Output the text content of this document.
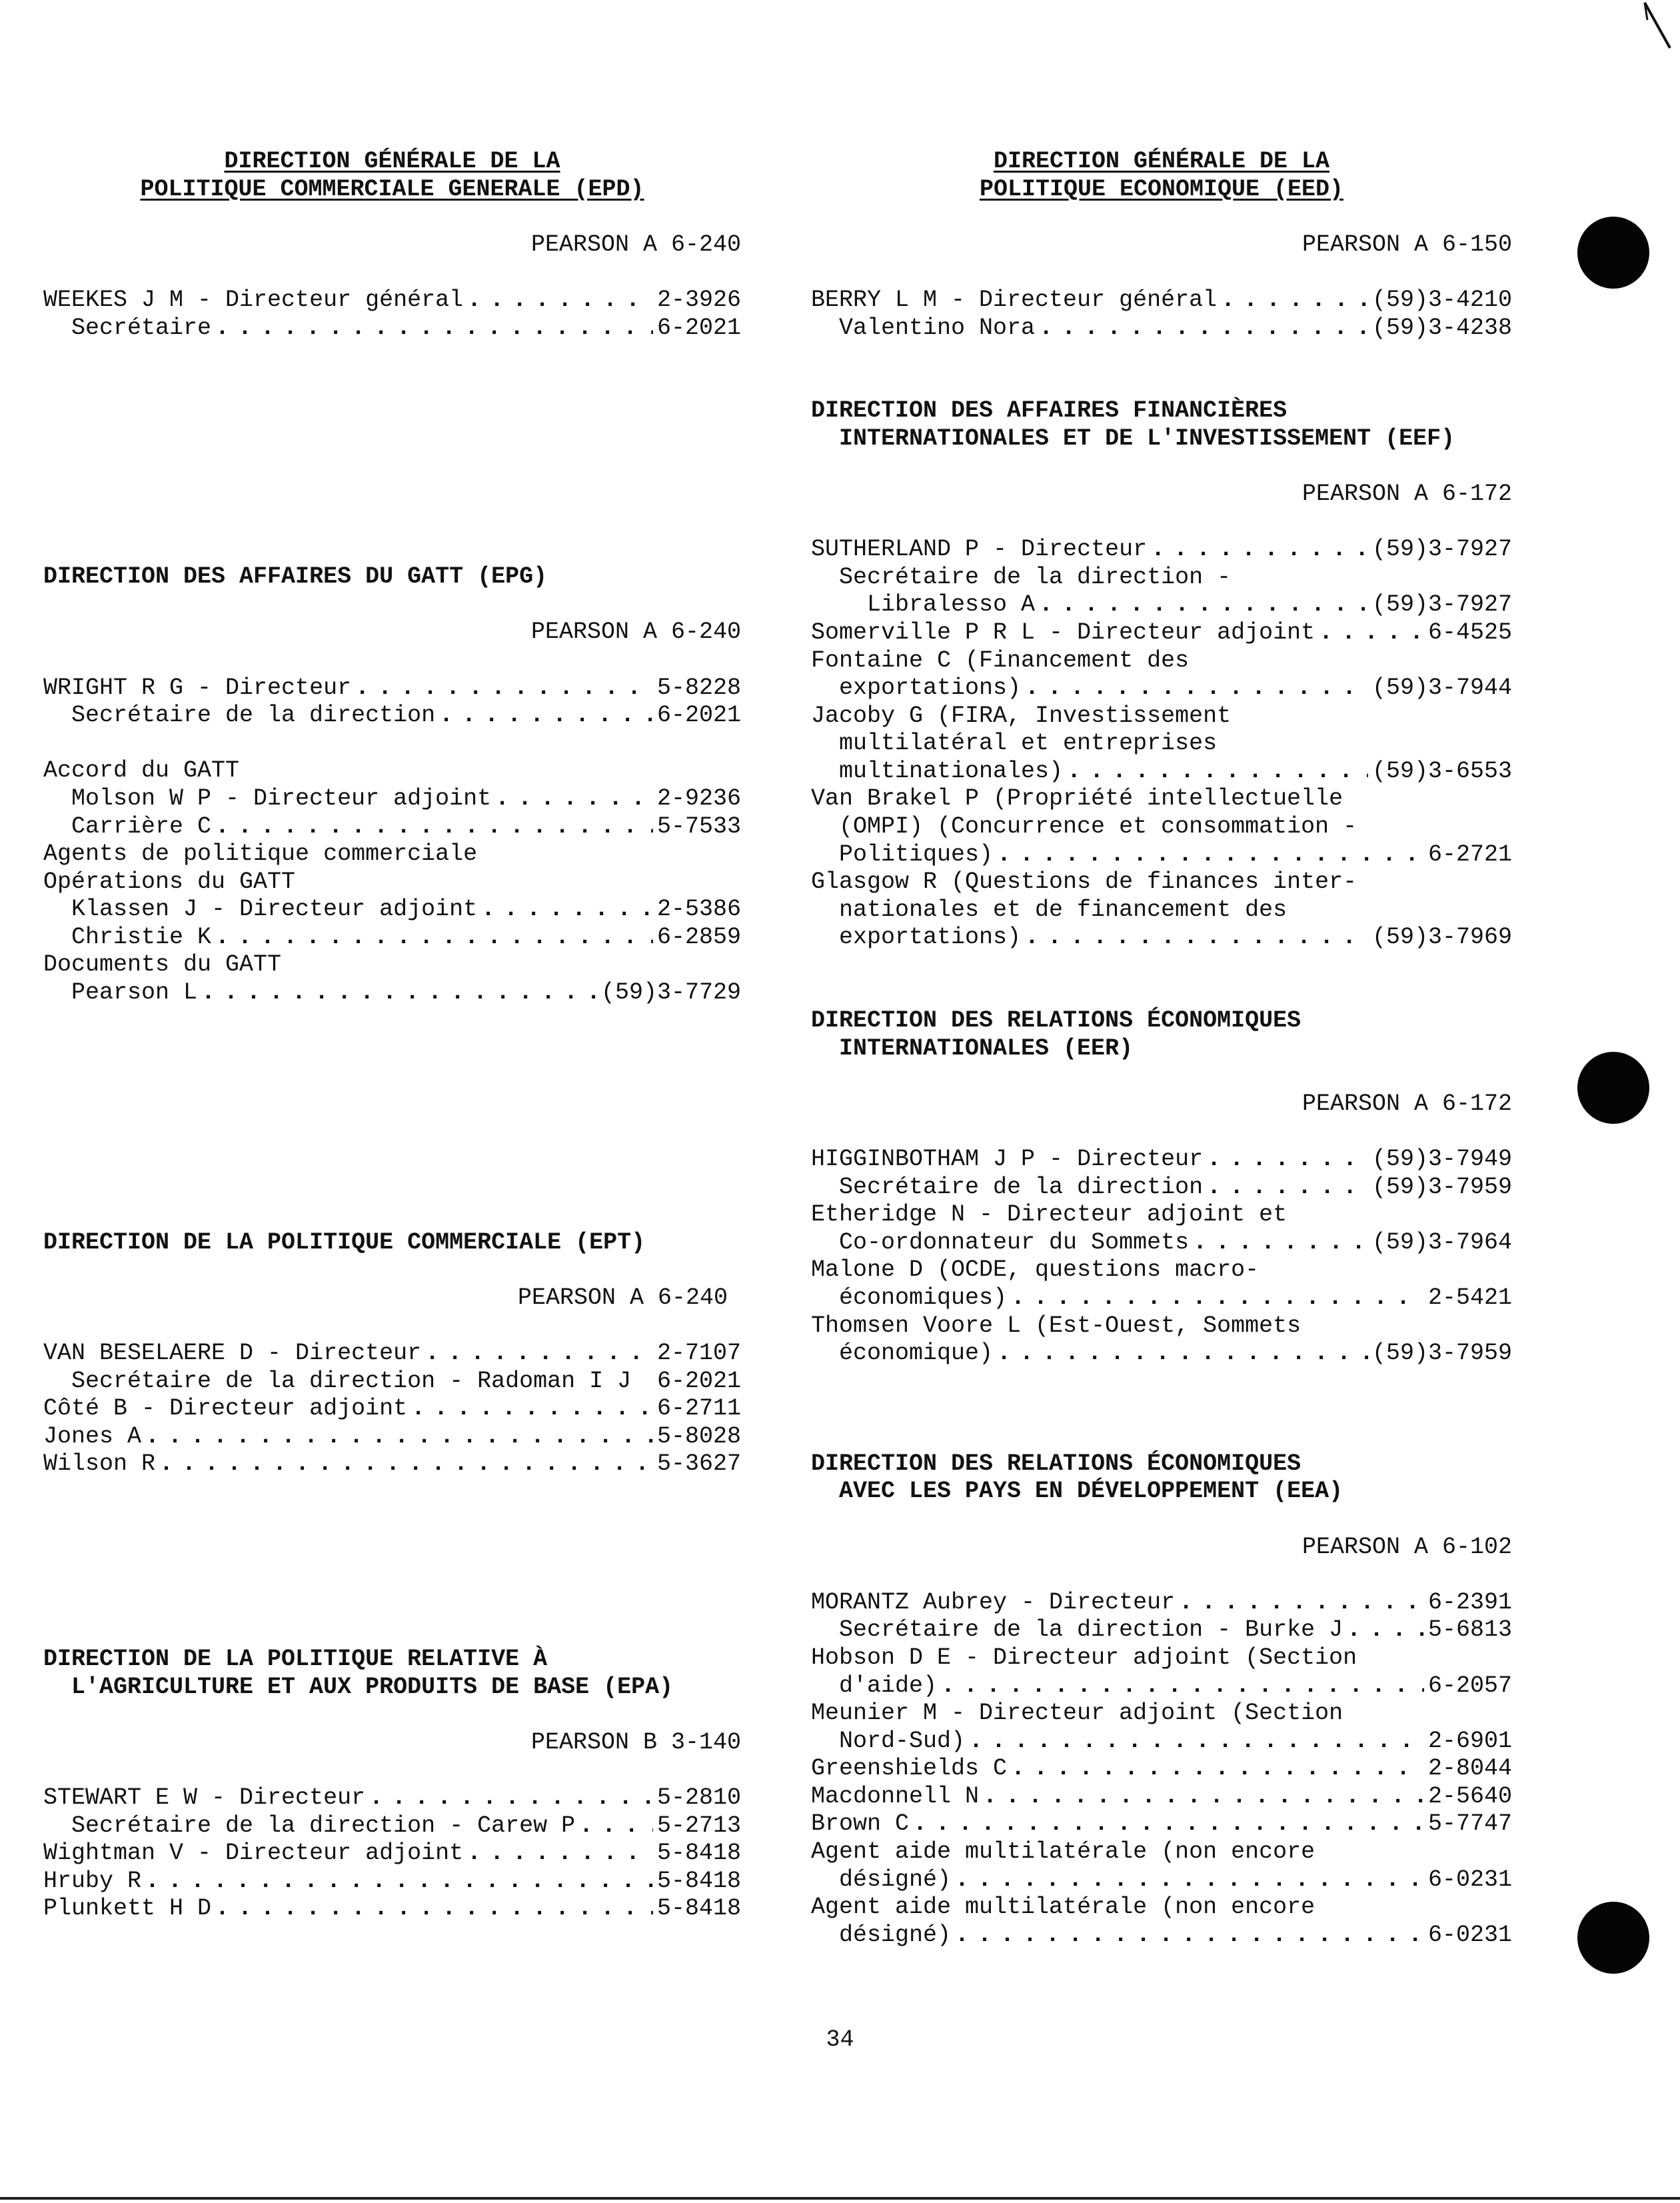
DIRECTION GÉNÉRALE DE LA
POLITIQUE COMMERCIALE GENERALE (EPD)
PEARSON A 6-240
WEEKES J M - Directeur général . . .	2-3926
Secrétaire . . .	6-2021
DIRECTION DES AFFAIRES DU GATT (EPG)
PEARSON A 6-240
WRIGHT R G - Directeur . . .	5-8228
Secrétaire de la direction . . .	6-2021
Accord du GATT
Molson W P - Directeur adjoint . . .	2-9236
Carrière C . . .	5-7533
Agents de politique commerciale
Opérations du GATT
Klassen J - Directeur adjoint . . .	2-5386
Christie K . . .	6-2859
Documents du GATT
Pearson L . . .	(59)3-7729
DIRECTION DE LA POLITIQUE COMMERCIALE (EPT)
PEARSON A 6-240
VAN BESELAERE D - Directeur . . .	2-7107
Secrétaire de la direction - Radoman I J	6-2021
Côté B - Directeur adjoint . . .	6-2711
Jones A . . .	5-8028
Wilson R . . .	5-3627
DIRECTION DE LA POLITIQUE RELATIVE À
L'AGRICULTURE ET AUX PRODUITS DE BASE (EPA)
PEARSON B 3-140
STEWART E W - Directeur . . .	5-2810
Secrétaire de la direction - Carew P . . .	5-2713
Wightman V - Directeur adjoint . . .	5-8418
Hruby R . . .	5-8418
Plunkett H D . . .	5-8418
DIRECTION GÉNÉRALE DE LA
POLITIQUE ECONOMIQUE (EED)
PEARSON A 6-150
BERRY L M - Directeur général . . .	(59)3-4210
Valentino Nora . . .	(59)3-4238
DIRECTION DES AFFAIRES FINANCIÈRES
INTERNATIONALES ET DE L'INVESTISSEMENT (EEF)
PEARSON A 6-172
SUTHERLAND P - Directeur . . .	(59)3-7927
Secrétaire de la direction -
Libralesso A . . .	(59)3-7927
Somerville P R L - Directeur adjoint . . .	6-4525
Fontaine C (Financement des
exportations) . . .	(59)3-7944
Jacoby G (FIRA, Investissement
multilatéral et entreprises
multinationales) . . .	(59)3-6553
Van Brakel P (Propriété intellectuelle
(OMPI) (Concurrence et consommation -
Politiques) . . .	6-2721
Glasgow R (Questions de finances inter-
nationales et de financement des
exportations) . . .	(59)3-7969
DIRECTION DES RELATIONS ÉCONOMIQUES
INTERNATIONALES (EER)
PEARSON A 6-172
HIGGINBOTHAM J P - Directeur . . .	(59)3-7949
Secrétaire de la direction . . .	(59)3-7959
Etheridge N - Directeur adjoint et
Co-ordonnateur du Sommets . . .	(59)3-7964
Malone D (OCDE, questions macro-
économiques) . . .	2-5421
Thomsen Voore L (Est-Ouest, Sommets
économique) . . .	(59)3-7959
DIRECTION DES RELATIONS ÉCONOMIQUES
AVEC LES PAYS EN DÉVELOPPEMENT (EEA)
PEARSON A 6-102
MORANTZ Aubrey - Directeur . . .	6-2391
Secrétaire de la direction - Burke J . . .	5-6813
Hobson D E - Directeur adjoint (Section
d'aide) . . .	6-2057
Meunier M - Directeur adjoint (Section
Nord-Sud) . . .	2-6901
Greenshields C . . .	2-8044
Macdonnell N . . .	2-5640
Brown C . . .	5-7747
Agent aide multilatérale (non encore
désigné) . . .	6-0231
Agent aide multilatérale (non encore
désigné) . . .	6-0231
34
